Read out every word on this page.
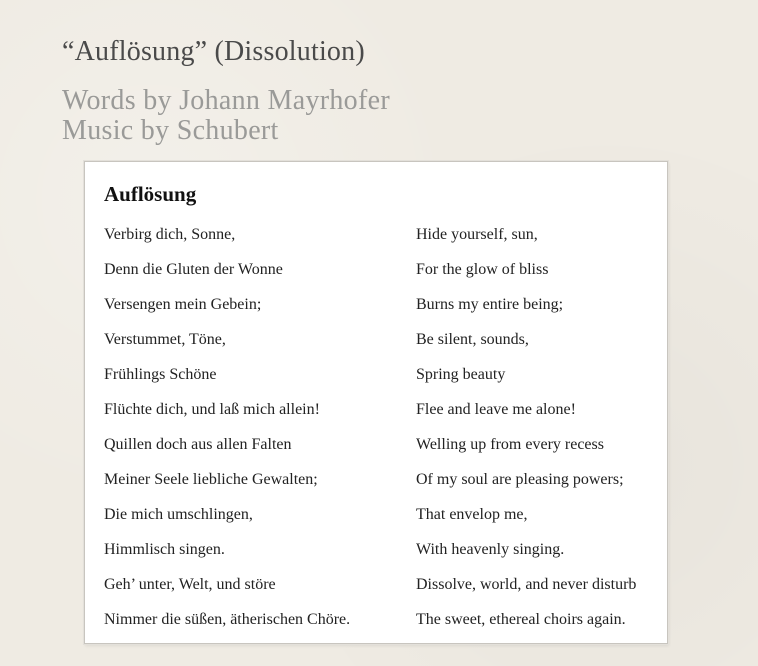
“Auflösung” (Dissolution)
Words by Johann Mayrhofer
Music by Schubert
Auflösung
Verbirg dich, Sonne,
Denn die Gluten der Wonne
Versengen mein Gebein;
Verstummet, Töne,
Frühlings Schöne
Flüchte dich, und laß mich allein!
Quillen doch aus allen Falten
Meiner Seele liebliche Gewalten;
Die mich umschlingen,
Himmlisch singen.
Geh’ unter, Welt, und störe
Nimmer die süßen, ätherischen Chöre.
Hide yourself, sun,
For the glow of bliss
Burns my entire being;
Be silent, sounds,
Spring beauty
Flee and leave me alone!
Welling up from every recess
Of my soul are pleasing powers;
That envelop me,
With heavenly singing.
Dissolve, world, and never disturb
The sweet, ethereal choirs again.
